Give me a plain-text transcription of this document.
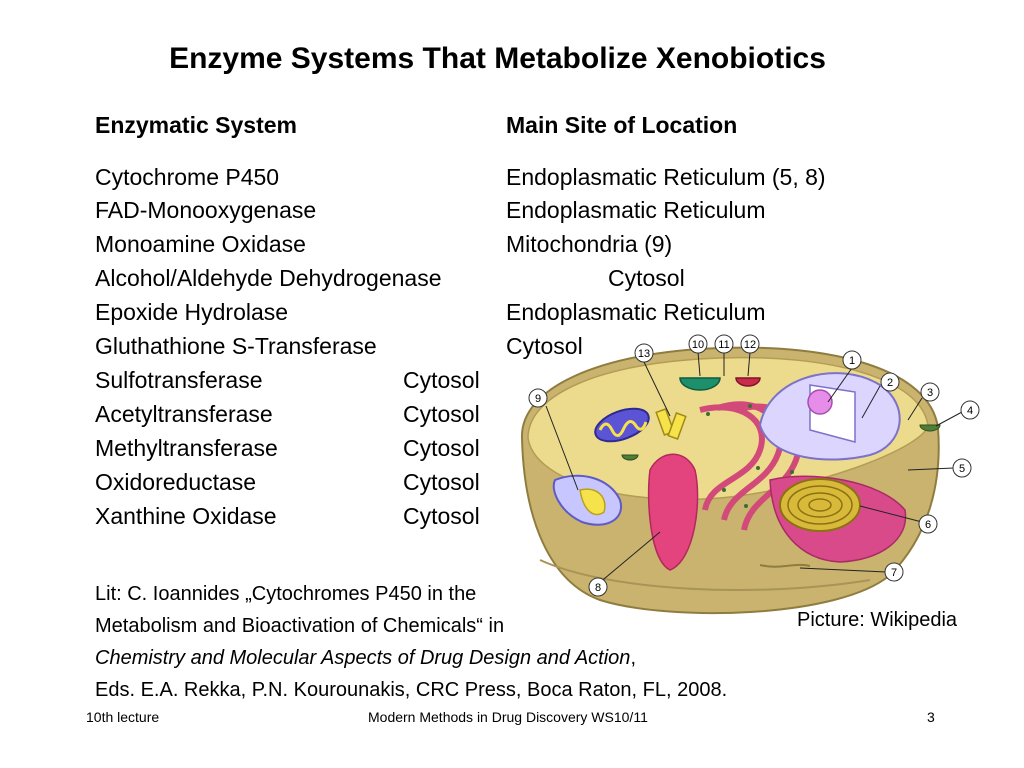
Enzyme Systems That Metabolize Xenobiotics
Enzymatic System	Main Site of Location
Cytochrome P450	Endoplasmatic Reticulum (5, 8)
FAD-Monooxygenase	Endoplasmatic Reticulum
Monoamine Oxidase	Mitochondria (9)
Alcohol/Aldehyde Dehydrogenase	Cytosol
Epoxide Hydrolase	Endoplasmatic Reticulum
Gluthathione S-Transferase	Cytosol
Sulfotransferase	Cytosol
Acetyltransferase	Cytosol
Methyltransferase	Cytosol
Oxidoreductase	Cytosol
Xanthine Oxidase	Cytosol
1
2
3
4
5
6
7
8
9
10 11 12
13
Lit: C. Ioannides „Cytochromes P450 in the
Metabolism and Bioactivation of Chemicals“ in
Chemistry and Molecular Aspects of Drug Design and Action,
Eds. E.A. Rekka, P.N. Kourounakis, CRC Press, Boca Raton, FL, 2008.
Picture: Wikipedia
10th lecture	Modern Methods in Drug Discovery WS10/11	3
